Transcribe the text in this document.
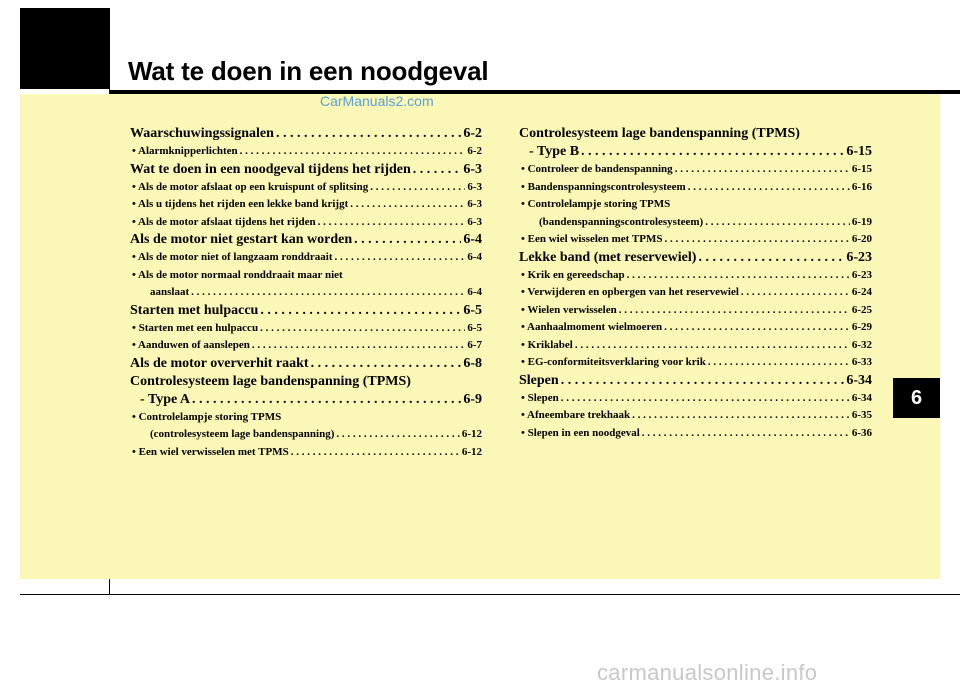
Wat te doen in een noodgeval
CarManuals2.com
Waarschuwingssignalen . . .	6-2
• Alarmknipperlichten . . .	6-2
Wat te doen in een noodgeval tijdens het rijden . . .	6-3
• Als de motor afslaat op een kruispunt of splitsing . . .	6-3
• Als u tijdens het rijden een lekke band krijgt . . .	6-3
• Als de motor afslaat tijdens het rijden . . .	6-3
Als de motor niet gestart kan worden . . .	6-4
• Als de motor niet of langzaam ronddraait . . .	6-4
• Als de motor normaal ronddraait maar niet
aanslaat . . .	6-4
Starten met hulpaccu . . .	6-5
• Starten met een hulpaccu . . .	6-5
• Aanduwen of aanslepen . . .	6-7
Als de motor oververhit raakt . . .	6-8
Controlesysteem lage bandenspanning (TPMS)
- Type A . . .	6-9
• Controlelampje storing TPMS
(controlesysteem lage bandenspanning) . . .	6-12
• Een wiel verwisselen met TPMS . . .	6-12
Controlesysteem lage bandenspanning (TPMS)
- Type B . . .	6-15
• Controleer de bandenspanning . . .	6-15
• Bandenspanningscontrolesysteem . . .	6-16
• Controlelampje storing TPMS
(bandenspanningscontrolesysteem) . . .	6-19
• Een wiel wisselen met TPMS . . .	6-20
Lekke band (met reservewiel) . . .	6-23
• Krik en gereedschap . . .	6-23
• Verwijderen en opbergen van het reservewiel . . .	6-24
• Wielen verwisselen . . .	6-25
• Aanhaalmoment wielmoeren . . .	6-29
• Kriklabel . . .	6-32
• EG-conformiteitsverklaring voor krik . . .	6-33
Slepen . . .	6-34
• Slepen . . .	6-34
• Afneembare trekhaak . . .	6-35
• Slepen in een noodgeval . . .	6-36
6
carmanualsonline.info
